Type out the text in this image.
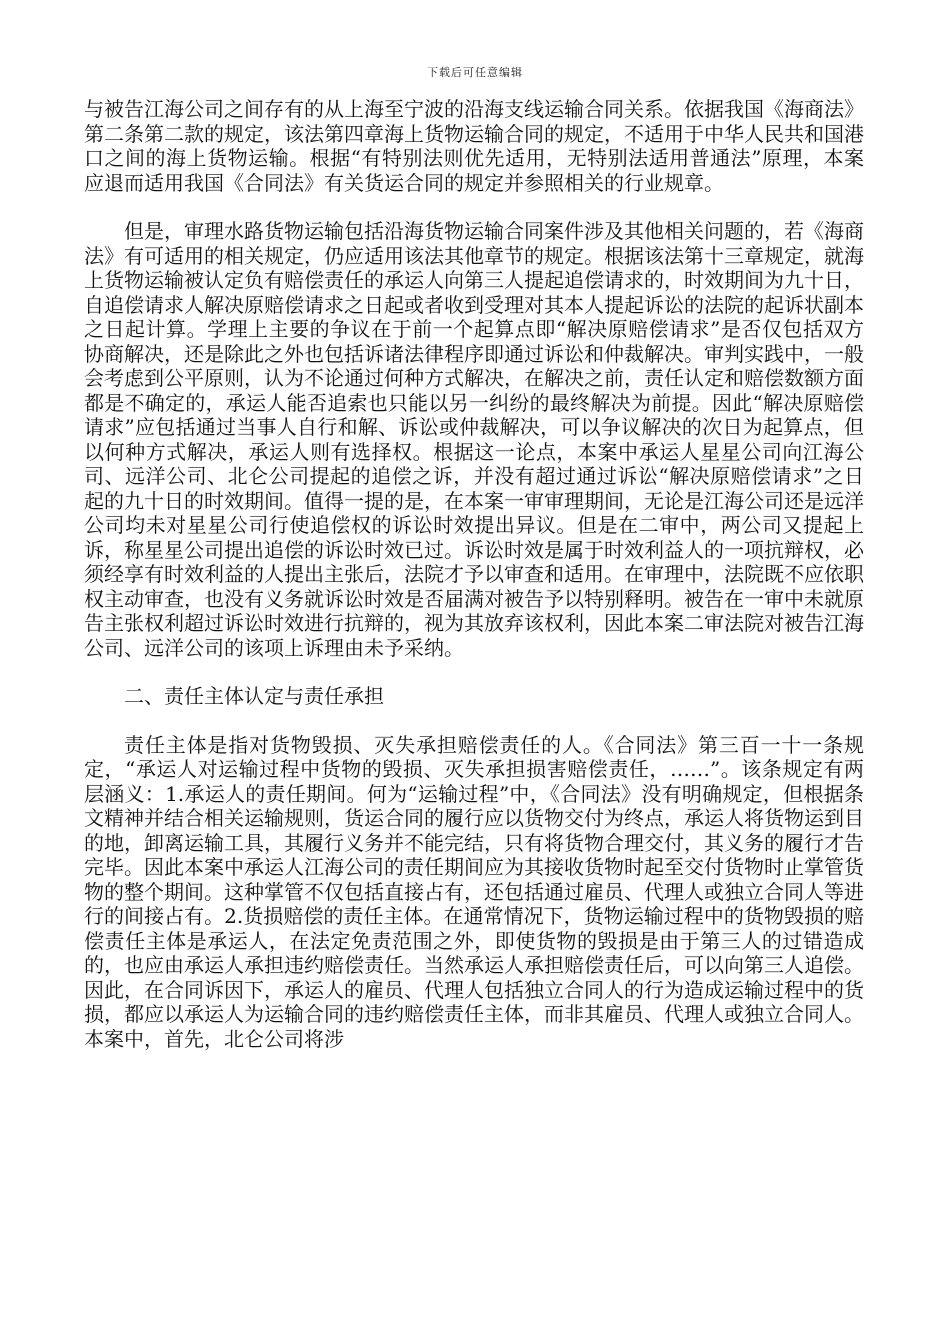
下载后可任意编辑

与被告江海公司之间存有的从上海至宁波的沿海支线运输合同关系。依据我国《海商法》第二条第二款的规定，该法第四章海上货物运输合同的规定，不适用于中华人民共和国港口之间的海上货物运输。根据“有特别法则优先适用，无特别法适用普通法”原理，本案应退而适用我国《合同法》有关货运合同的规定并参照相关的行业规章。

但是，审理水路货物运输包括沿海货物运输合同案件涉及其他相关问题的，若《海商法》有可适用的相关规定，仍应适用该法其他章节的规定。根据该法第十三章规定，就海上货物运输被认定负有赔偿责任的承运人向第三人提起追偿请求的，时效期间为九十日，自追偿请求人解决原赔偿请求之日起或者收到受理对其本人提起诉讼的法院的起诉状副本之日起计算。学理上主要的争议在于前一个起算点即“解决原赔偿请求”是否仅包括双方协商解决，还是除此之外也包括诉诸法律程序即通过诉讼和仲裁解决。审判实践中，一般会考虑到公平原则，认为不论通过何种方式解决，在解决之前，责任认定和赔偿数额方面都是不确定的，承运人能否追索也只能以另一纠纷的最终解决为前提。因此“解决原赔偿请求”应包括通过当事人自行和解、诉讼或仲裁解决，可以争议解决的次日为起算点，但以何种方式解决，承运人则有选择权。根据这一论点，本案中承运人星星公司向江海公司、远洋公司、北仑公司提起的追偿之诉，并没有超过通过诉讼“解决原赔偿请求”之日起的九十日的时效期间。值得一提的是，在本案一审审理期间，无论是江海公司还是远洋公司均未对星星公司行使追偿权的诉讼时效提出异议。但是在二审中，两公司又提起上诉，称星星公司提出追偿的诉讼时效已过。诉讼时效是属于时效利益人的一项抗辩权，必须经享有时效利益的人提出主张后，法院才予以审查和适用。在审理中，法院既不应依职权主动审查，也没有义务就诉讼时效是否届满对被告予以特别释明。被告在一审中未就原告主张权利超过诉讼时效进行抗辩的，视为其放弃该权利，因此本案二审法院对被告江海公司、远洋公司的该项上诉理由未予采纳。

二、责任主体认定与责任承担

责任主体是指对货物毁损、灭失承担赔偿责任的人。《合同法》第三百一十一条规定，“承运人对运输过程中货物的毁损、灭失承担损害赔偿责任，……”。该条规定有两层涵义：1.承运人的责任期间。何为“运输过程”中，《合同法》没有明确规定，但根据条文精神并结合相关运输规则，货运合同的履行应以货物交付为终点，承运人将货物运到目的地，卸离运输工具，其履行义务并不能完结，只有将货物合理交付，其义务的履行才告完毕。因此本案中承运人江海公司的责任期间应为其接收货物时起至交付货物时止掌管货物的整个期间。这种掌管不仅包括直接占有，还包括通过雇员、代理人或独立合同人等进行的间接占有。2.货损赔偿的责任主体。在通常情况下，货物运输过程中的货物毁损的赔偿责任主体是承运人，在法定免责范围之外，即使货物的毁损是由于第三人的过错造成的，也应由承运人承担违约赔偿责任。当然承运人承担赔偿责任后，可以向第三人追偿。因此，在合同诉因下，承运人的雇员、代理人包括独立合同人的行为造成运输过程中的货损，都应以承运人为运输合同的违约赔偿责任主体，而非其雇员、代理人或独立合同人。本案中，首先，北仑公司将涉
